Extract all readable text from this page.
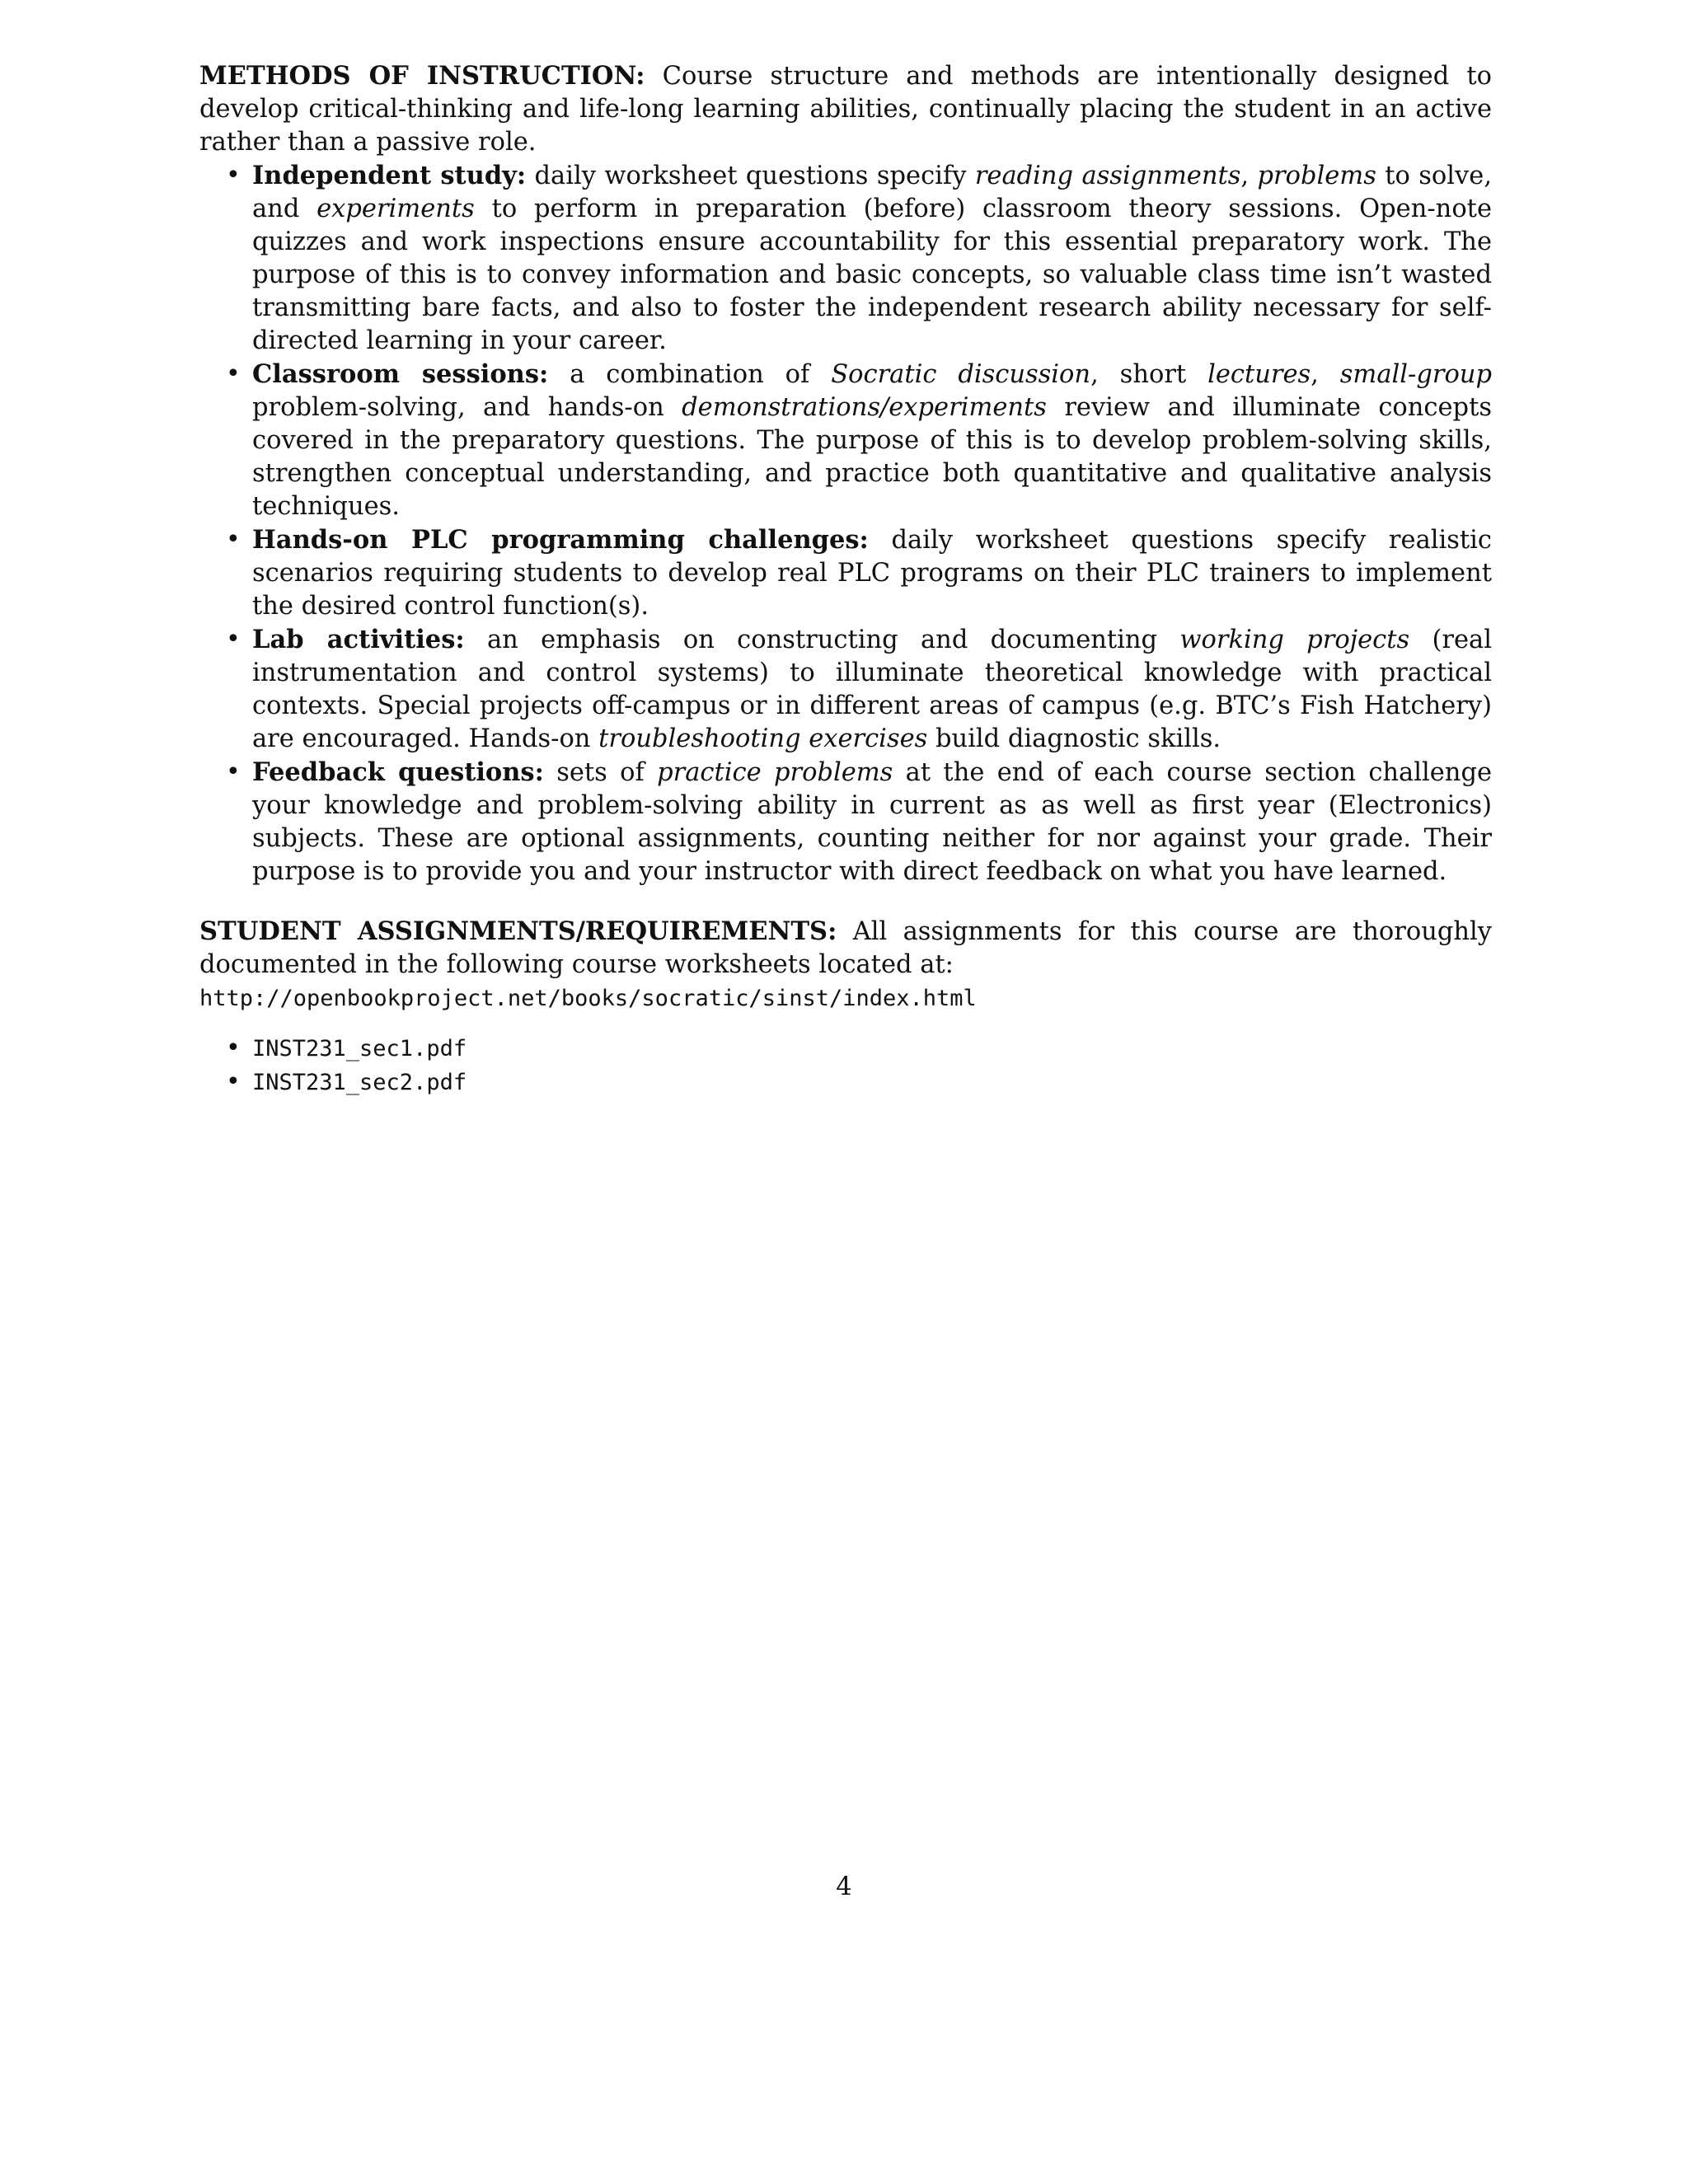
METHODS OF INSTRUCTION: Course structure and methods are intentionally designed to develop critical-thinking and life-long learning abilities, continually placing the student in an active rather than a passive role.

• Independent study: daily worksheet questions specify reading assignments, problems to solve, and experiments to perform in preparation (before) classroom theory sessions. Open-note quizzes and work inspections ensure accountability for this essential preparatory work. The purpose of this is to convey information and basic concepts, so valuable class time isn’t wasted transmitting bare facts, and also to foster the independent research ability necessary for self-directed learning in your career.
• Classroom sessions: a combination of Socratic discussion, short lectures, small-group problem-solving, and hands-on demonstrations/experiments review and illuminate concepts covered in the preparatory questions. The purpose of this is to develop problem-solving skills, strengthen conceptual understanding, and practice both quantitative and qualitative analysis techniques.
• Hands-on PLC programming challenges: daily worksheet questions specify realistic scenarios requiring students to develop real PLC programs on their PLC trainers to implement the desired control function(s).
• Lab activities: an emphasis on constructing and documenting working projects (real instrumentation and control systems) to illuminate theoretical knowledge with practical contexts. Special projects off-campus or in different areas of campus (e.g. BTC’s Fish Hatchery) are encouraged. Hands-on troubleshooting exercises build diagnostic skills.
• Feedback questions: sets of practice problems at the end of each course section challenge your knowledge and problem-solving ability in current as as well as first year (Electronics) subjects. These are optional assignments, counting neither for nor against your grade. Their purpose is to provide you and your instructor with direct feedback on what you have learned.

STUDENT ASSIGNMENTS/REQUIREMENTS: All assignments for this course are thoroughly documented in the following course worksheets located at:

http://openbookproject.net/books/socratic/sinst/index.html

• INST231_sec1.pdf
• INST231_sec2.pdf
4
